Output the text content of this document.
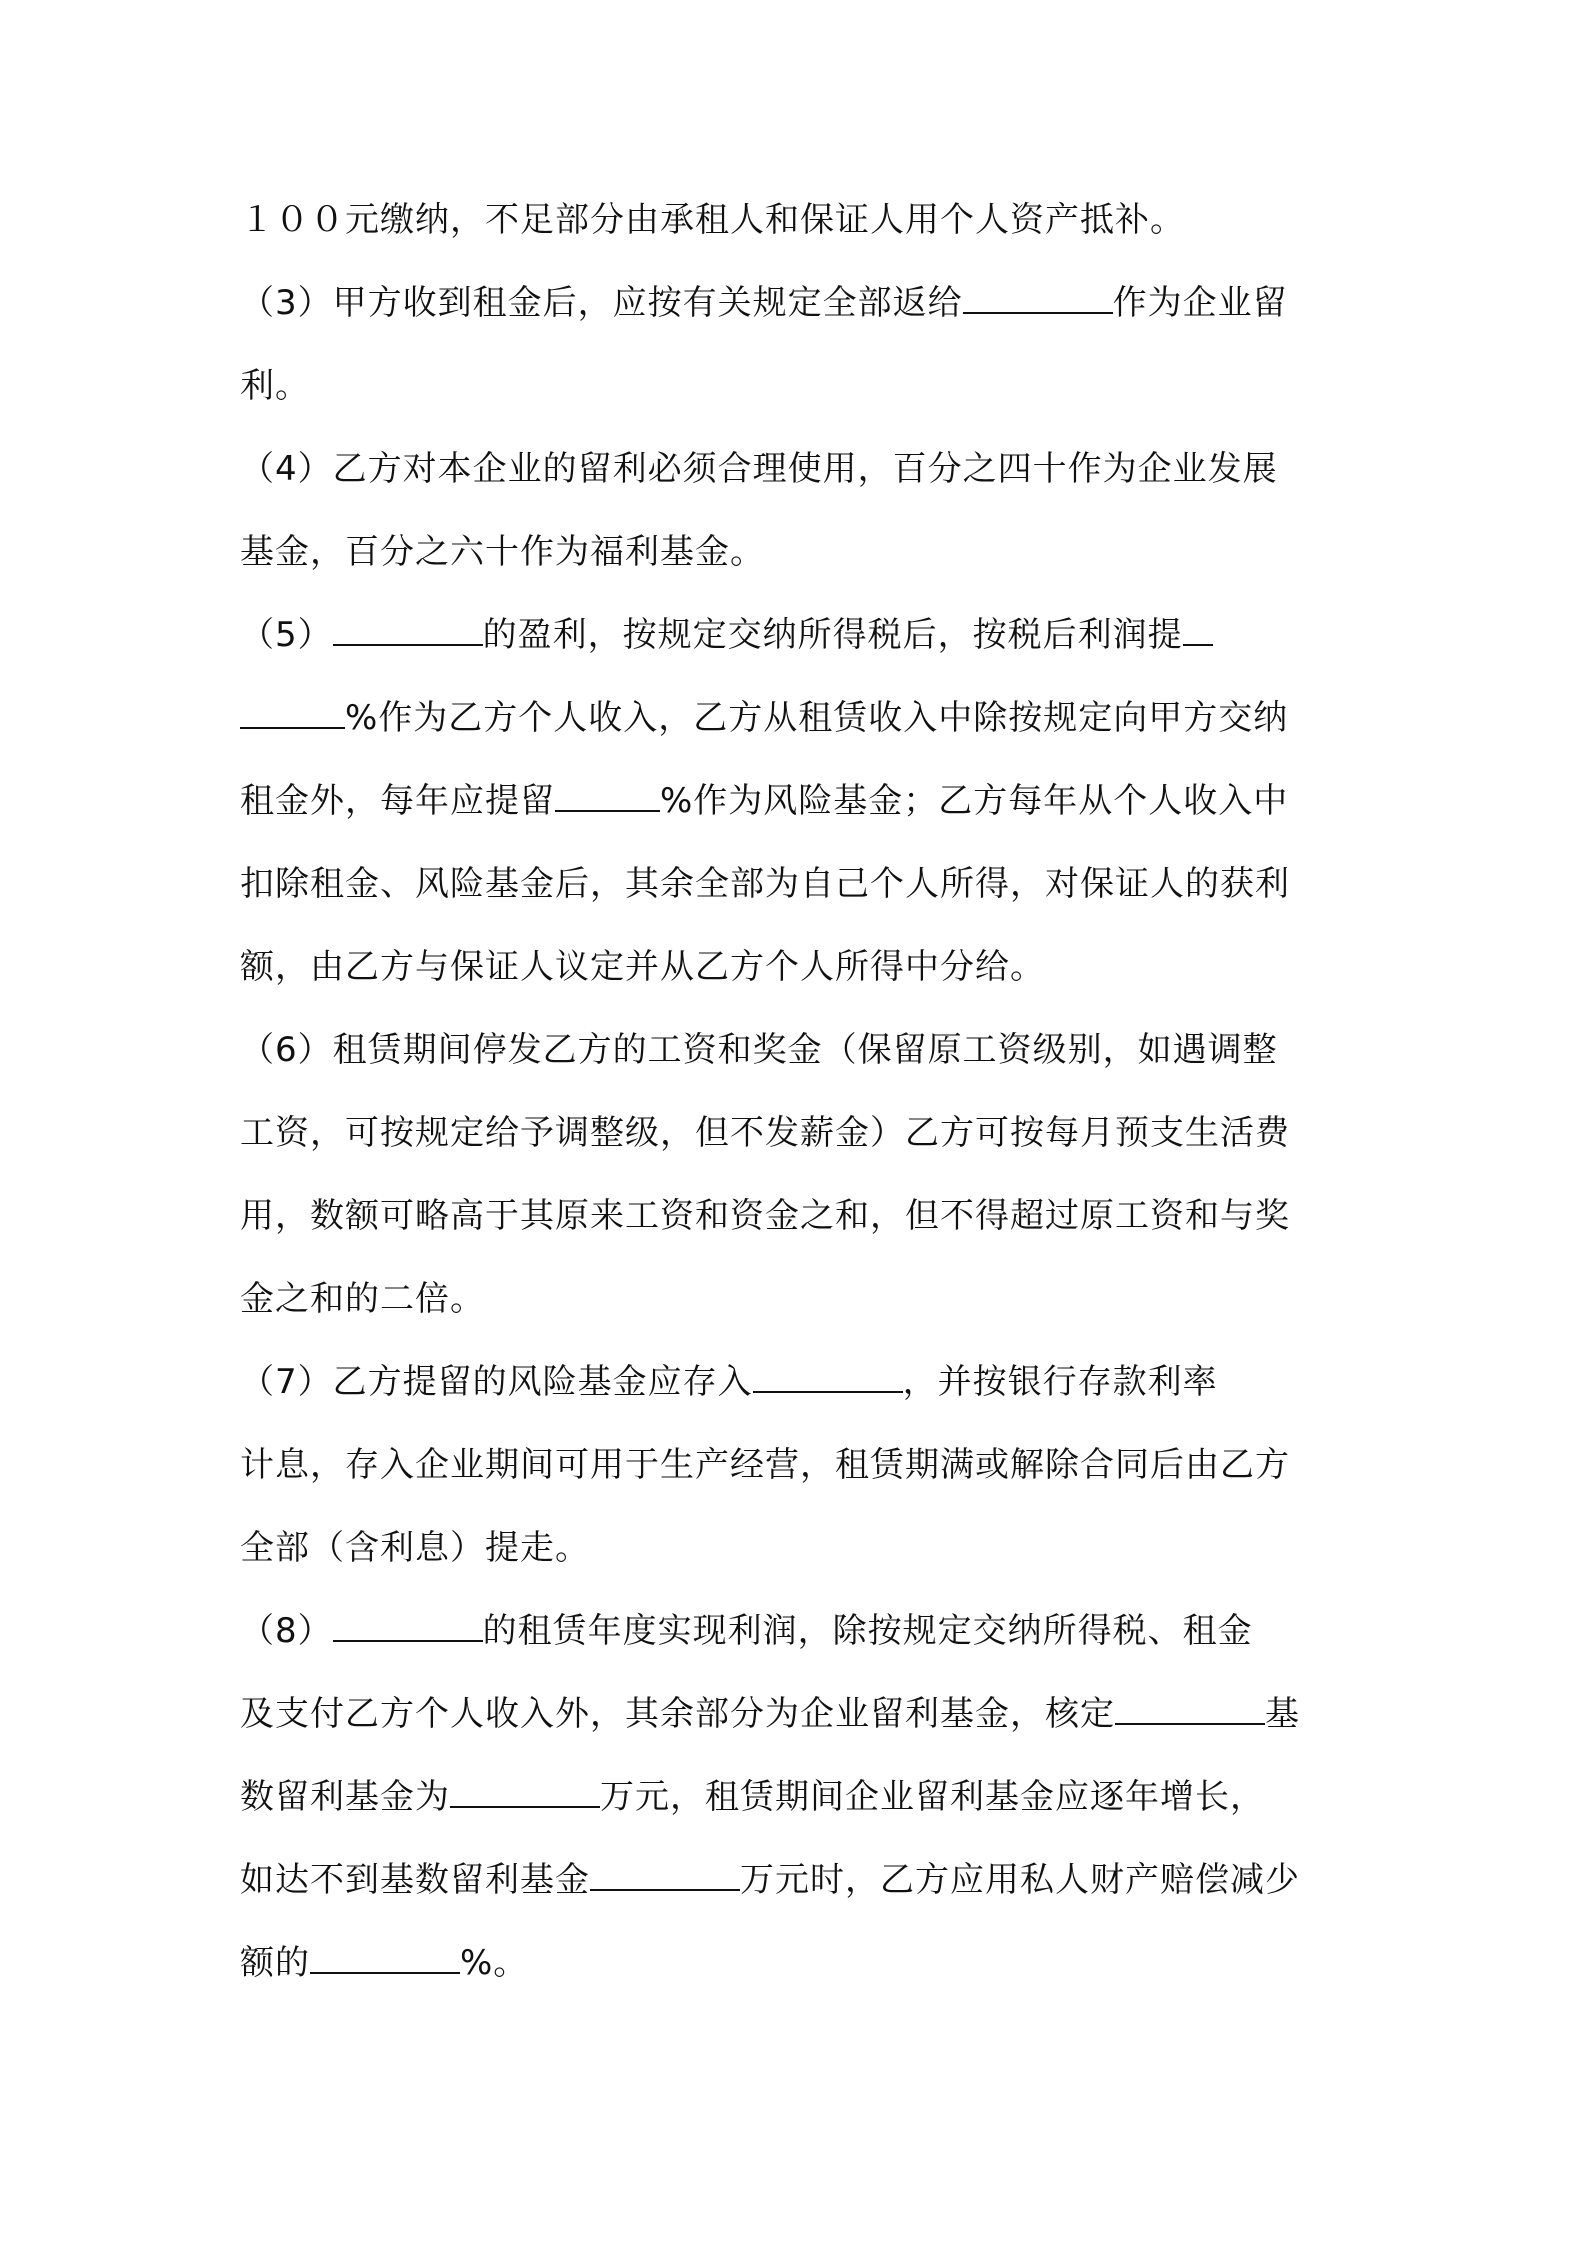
１００元缴纳，不足部分由承租人和保证人用个人资产抵补。
（3）甲方收到租金后，应按有关规定全部返给	作为企业留
利。
（4）乙方对本企业的留利必须合理使用，百分之四十作为企业发展
基金，百分之六十作为福利基金。
（5）	的盈利，按规定交纳所得税后，按税后利润提
%作为乙方个人收入，乙方从租赁收入中除按规定向甲方交纳
租金外，每年应提留	%作为风险基金；乙方每年从个人收入中
扣除租金、风险基金后，其余全部为自己个人所得，对保证人的获利
额，由乙方与保证人议定并从乙方个人所得中分给。
（6）租赁期间停发乙方的工资和奖金（保留原工资级别，如遇调整
工资，可按规定给予调整级，但不发薪金）乙方可按每月预支生活费
用，数额可略高于其原来工资和资金之和，但不得超过原工资和与奖
金之和的二倍。
（7）乙方提留的风险基金应存入	，并按银行存款利率
计息，存入企业期间可用于生产经营，租赁期满或解除合同后由乙方
全部（含利息）提走。
（8）	的租赁年度实现利润，除按规定交纳所得税、租金
及支付乙方个人收入外，其余部分为企业留利基金，核定	基
数留利基金为	万元，租赁期间企业留利基金应逐年增长，
如达不到基数留利基金	万元时，乙方应用私人财产赔偿减少
额的	%。
